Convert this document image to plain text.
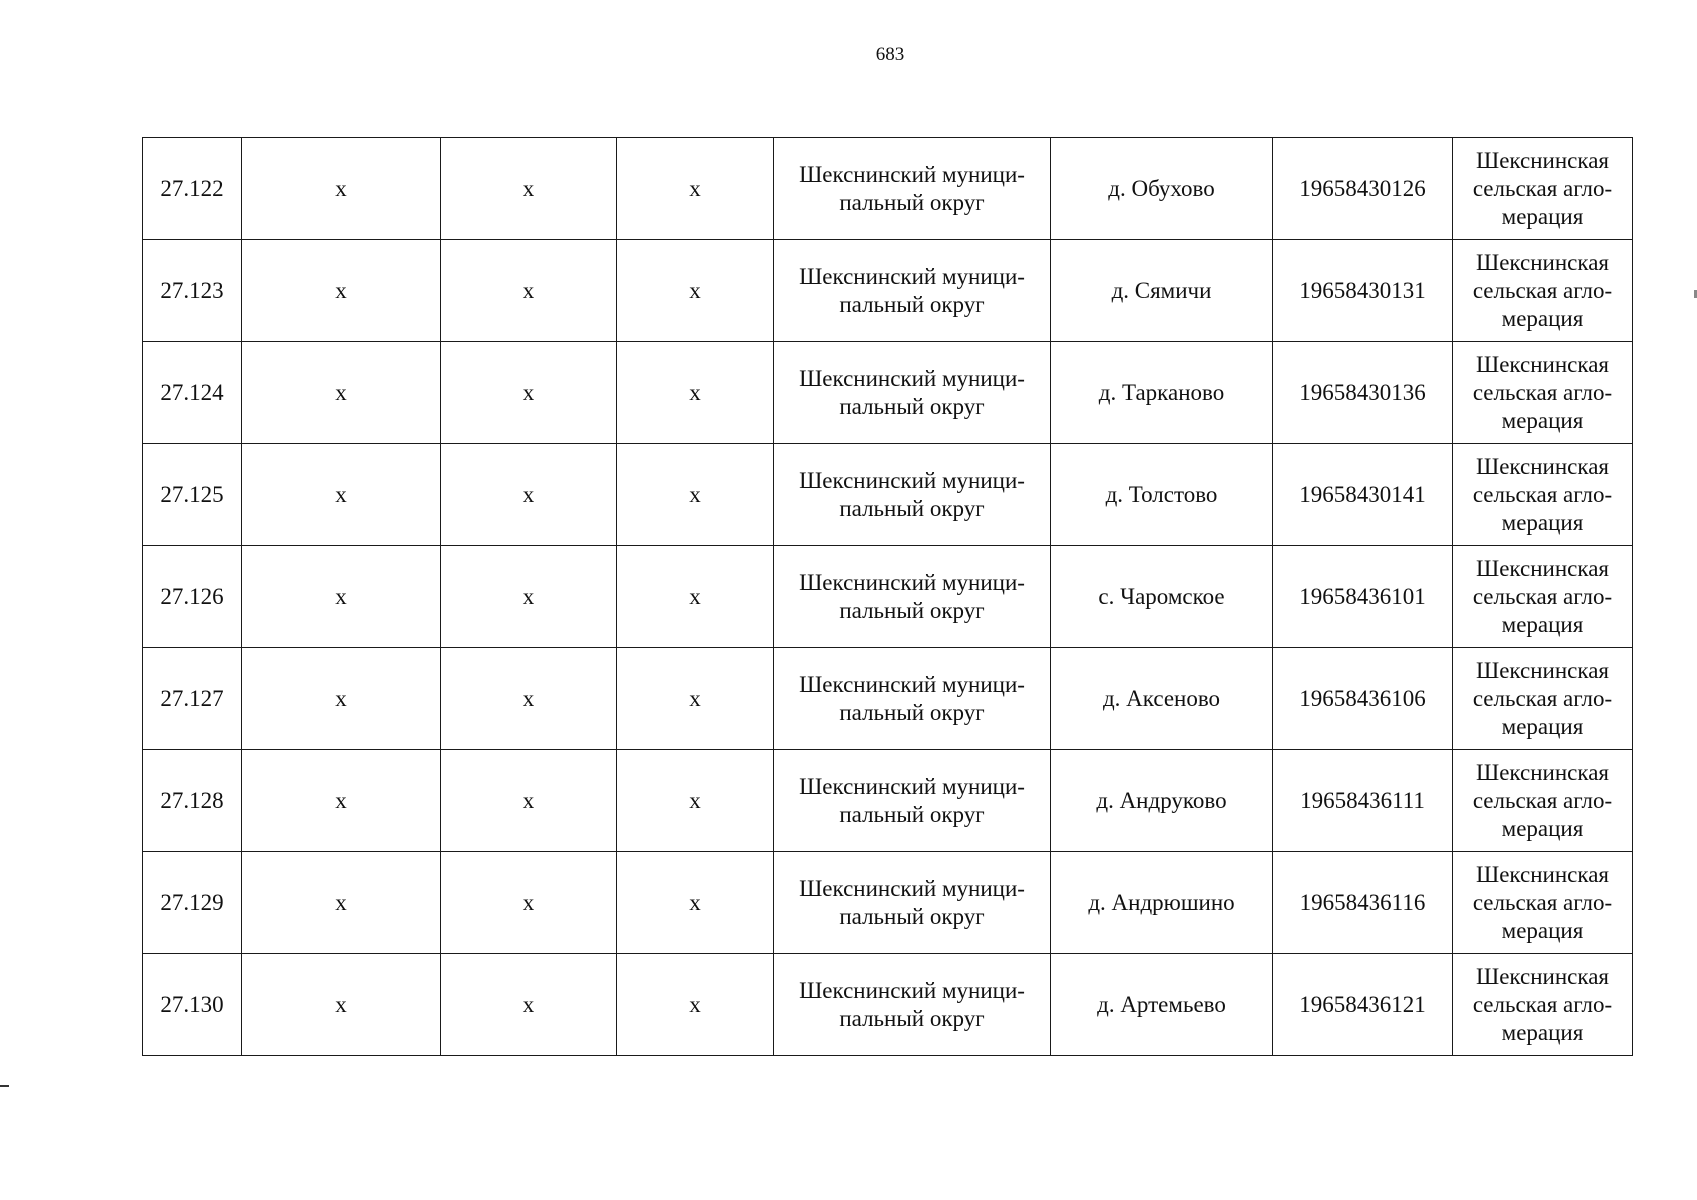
683
27.122	x	x	x	Шекснинский муници-
пальный округ	д. Обухово	19658430126	Шекснинская
сельская агло-
мерация
27.123	x	x	x	Шекснинский муници-
пальный округ	д. Сямичи	19658430131	Шекснинская
сельская агло-
мерация
27.124	x	x	x	Шекснинский муници-
пальный округ	д. Тарканово	19658430136	Шекснинская
сельская агло-
мерация
27.125	x	x	x	Шекснинский муници-
пальный округ	д. Толстово	19658430141	Шекснинская
сельская агло-
мерация
27.126	x	x	x	Шекснинский муници-
пальный округ	с. Чаромское	19658436101	Шекснинская
сельская агло-
мерация
27.127	x	x	x	Шекснинский муници-
пальный округ	д. Аксеново	19658436106	Шекснинская
сельская агло-
мерация
27.128	x	x	x	Шекснинский муници-
пальный округ	д. Андруково	19658436111	Шекснинская
сельская агло-
мерация
27.129	x	x	x	Шекснинский муници-
пальный округ	д. Андрюшино	19658436116	Шекснинская
сельская агло-
мерация
27.130	x	x	x	Шекснинский муници-
пальный округ	д. Артемьево	19658436121	Шекснинская
сельская агло-
мерация
